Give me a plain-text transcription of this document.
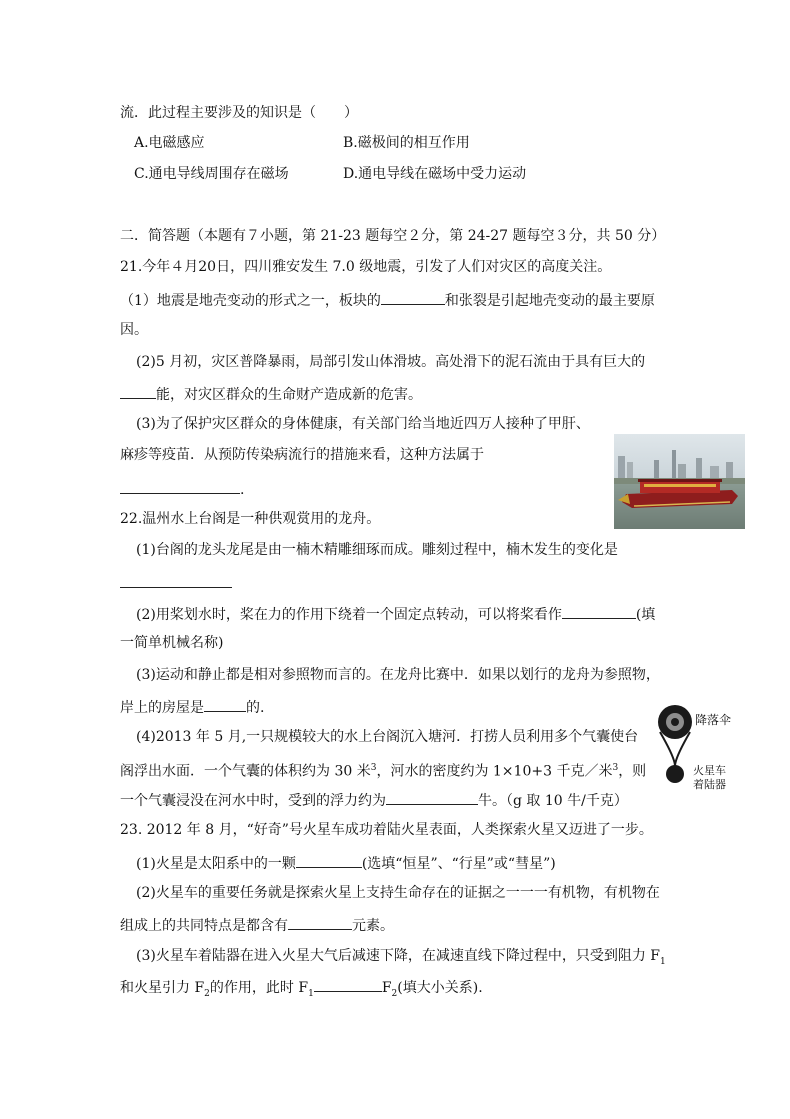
流．此过程主要涉及的知识是（　　）
A.电磁感应	B.磁极间的相互作用
C.通电导线周围存在磁场	D.通电导线在磁场中受力运动
二．简答题（本题有７小题，第 21-23 题每空２分，第 24-27 题每空３分，共 50 分）
21.今年４月20日，四川雅安发生 7.0 级地震，引发了人们对灾区的高度关注。
（1）地震是地壳变动的形式之一，板块的	和张裂是引起地壳变动的最主要原
因。
(2)5 月初，灾区普降暴雨，局部引发山体滑坡。高处滑下的泥石流由于具有巨大的
能，对灾区群众的生命财产造成新的危害。
(3)为了保护灾区群众的身体健康，有关部门给当地近四万人接种了甲肝、
麻疹等疫苗．从预防传染病流行的措施来看，这种方法属于
.
22.温州水上台阁是一种供观赏用的龙舟。
(1)台阁的龙头龙尾是由一楠木精雕细琢而成。雕刻过程中，楠木发生的变化是
(2)用桨划水时，桨在力的作用下绕着一个固定点转动，可以将桨看作	(填
一简单机械名称)
(3)运动和静止都是相对参照物而言的。在龙舟比赛中．如果以划行的龙舟为参照物，
岸上的房屋是	的.
(4)2013 年 5 月,一只规模较大的水上台阁沉入塘河．打捞人员利用多个气囊使台
阁浮出水面．一个气囊的体积约为 30 米$^3$，河水的密度约为 1×10+3 千克／米$^3$，则
一个气囊浸没在河水中时，受到的浮力约为	牛。（g 取 10 牛/千克）
降落伞
火星车
着陆器
23. 2012 年 8 月，“好奇”号火星车成功着陆火星表面，人类探索火星又迈进了一步。
(1)火星是太阳系中的一颗	(选填“恒星”、“行星”或“彗星”)
(2)火星车的重要任务就是探索火星上支持生命存在的证据之一一一有机物，有机物在
组成上的共同特点是都含有	元素。
(3)火星车着陆器在进入火星大气后减速下降，在减速直线下降过程中，只受到阻力 $F_1$
和火星引力 $F_2$的作用，此时 $F_1$	$F_2$(填大小关系).
